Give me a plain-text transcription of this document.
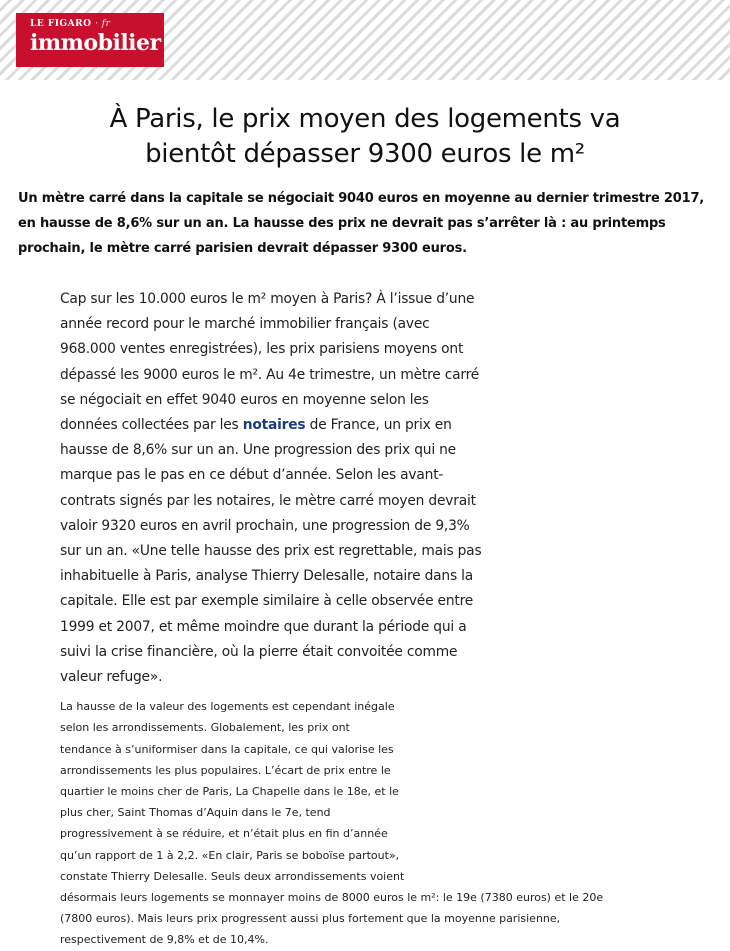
LE FIGARO · fr
immobilier
À Paris, le prix moyen des logements va
bientôt dépasser 9300 euros le m²
Un mètre carré dans la capitale se négociait 9040 euros en moyenne au dernier trimestre 2017, en hausse de 8,6% sur un an. La hausse des prix ne devrait pas s’arrêter là : au printemps prochain, le mètre carré parisien devrait dépasser 9300 euros.
Cap sur les 10.000 euros le m² moyen à Paris? À l’issue d’une
année record pour le marché immobilier français (avec
968.000 ventes enregistrées), les prix parisiens moyens ont
dépassé les 9000 euros le m². Au 4e trimestre, un mètre carré
se négociait en effet 9040 euros en moyenne selon les
données collectées par les notaires de France, un prix en
hausse de 8,6% sur un an. Une progression des prix qui ne
marque pas le pas en ce début d’année. Selon les avant-
contrats signés par les notaires, le mètre carré moyen devrait
valoir 9320 euros en avril prochain, une progression de 9,3%
sur un an. «Une telle hausse des prix est regrettable, mais pas
inhabituelle à Paris, analyse Thierry Delesalle, notaire dans la
capitale. Elle est par exemple similaire à celle observée entre
1999 et 2007, et même moindre que durant la période qui a
suivi la crise financière, où la pierre était convoitée comme
valeur refuge».
La hausse de la valeur des logements est cependant inégale
selon les arrondissements. Globalement, les prix ont
tendance à s’uniformiser dans la capitale, ce qui valorise les
arrondissements les plus populaires. L’écart de prix entre le
quartier le moins cher de Paris, La Chapelle dans le 18e, et le
plus cher, Saint Thomas d’Aquin dans le 7e, tend
progressivement à se réduire, et n’était plus en fin d’année
qu’un rapport de 1 à 2,2. «En clair, Paris se boboïse partout»,
constate Thierry Delesalle. Seuls deux arrondissements voient
désormais leurs logements se monnayer moins de 8000 euros le m²: le 19e (7380 euros) et le 20e
(7800 euros). Mais leurs prix progressent aussi plus fortement que la moyenne parisienne,
respectivement de 9,8% et de 10,4%.
